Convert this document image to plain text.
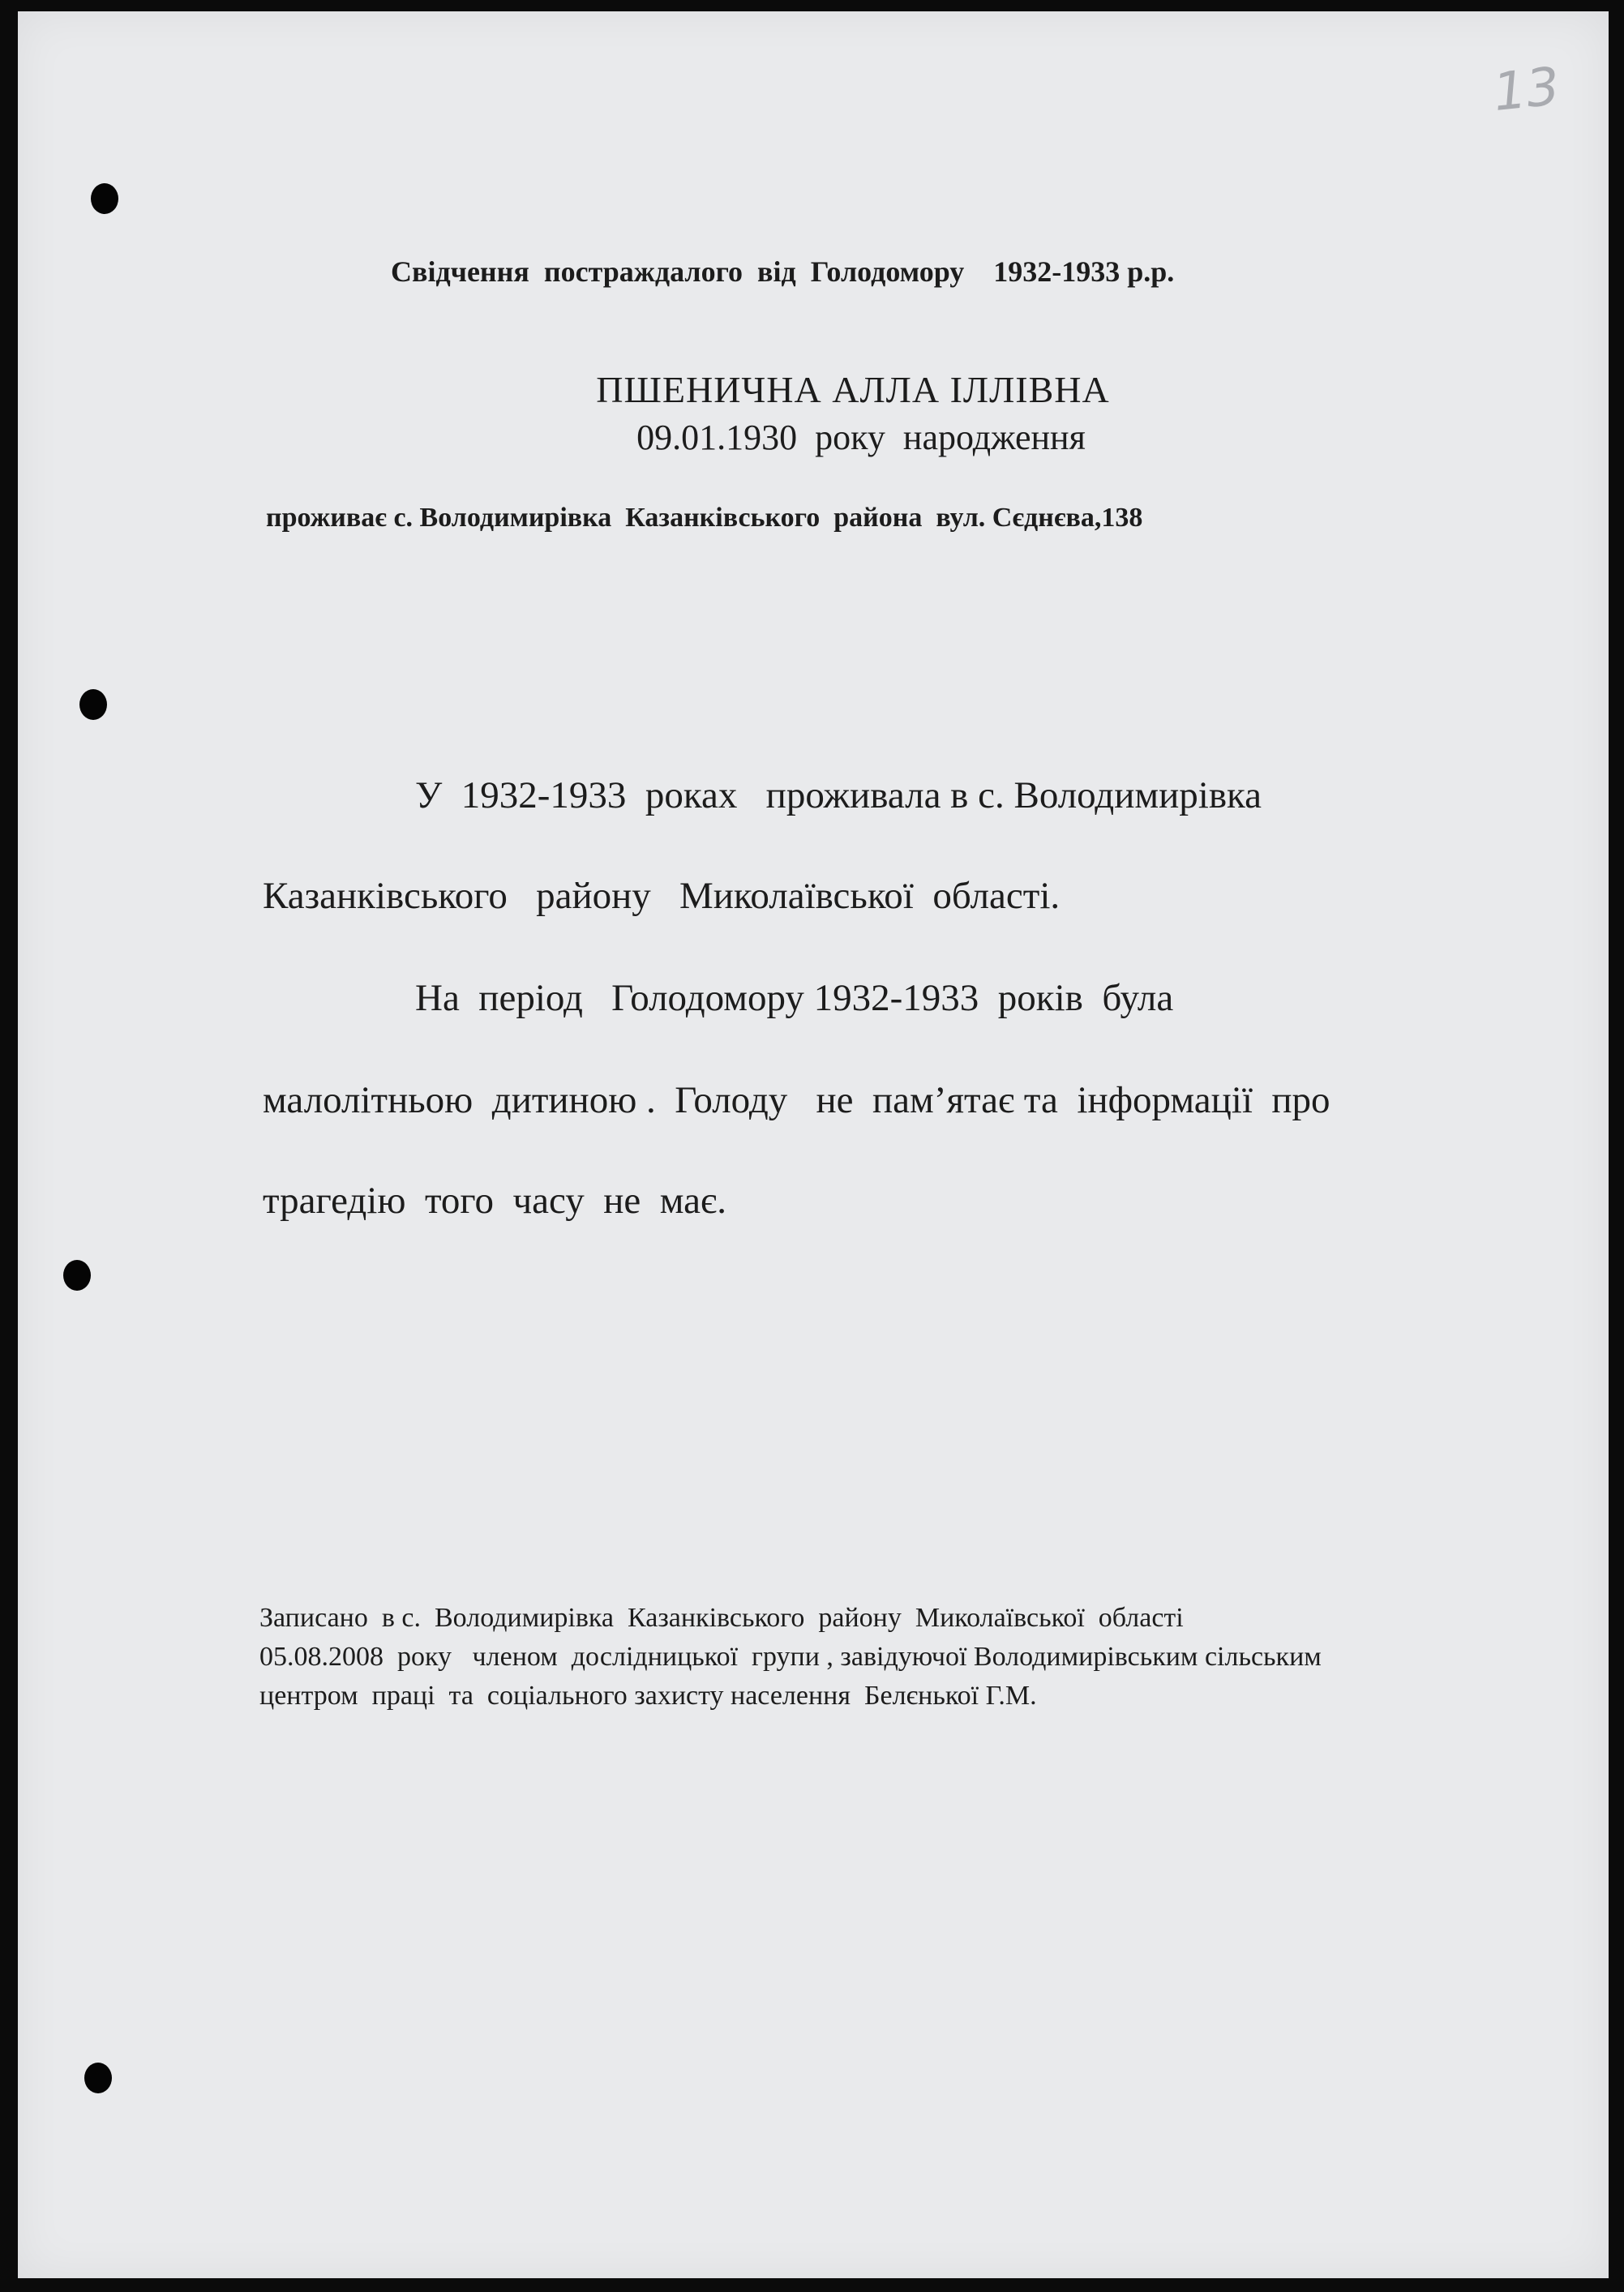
13

Свідчення  постраждалого  від  Голодомору    1932-1933 р.р.

ПШЕНИЧНА АЛЛА ІЛЛІВНА

09.01.1930  року  народження

проживає с. Володимирівка  Казанківського  района  вул. Сєднєва,138

У  1932-1933  роках   проживала в с. Володимирівка

Казанківського   району   Миколаївської  області.

На  період   Голодомору 1932-1933  років  була

малолітньою  дитиною .  Голоду   не  пам’ятає та  інформації  про

трагедію  того  часу  не  має.

Записано  в с.  Володимирівка  Казанківського  району  Миколаївської  області
05.08.2008  року   членом  дослідницької  групи , завідуючої Володимирівським сільським
центром  праці  та  соціального захисту населення  Белєнької Г.М.
